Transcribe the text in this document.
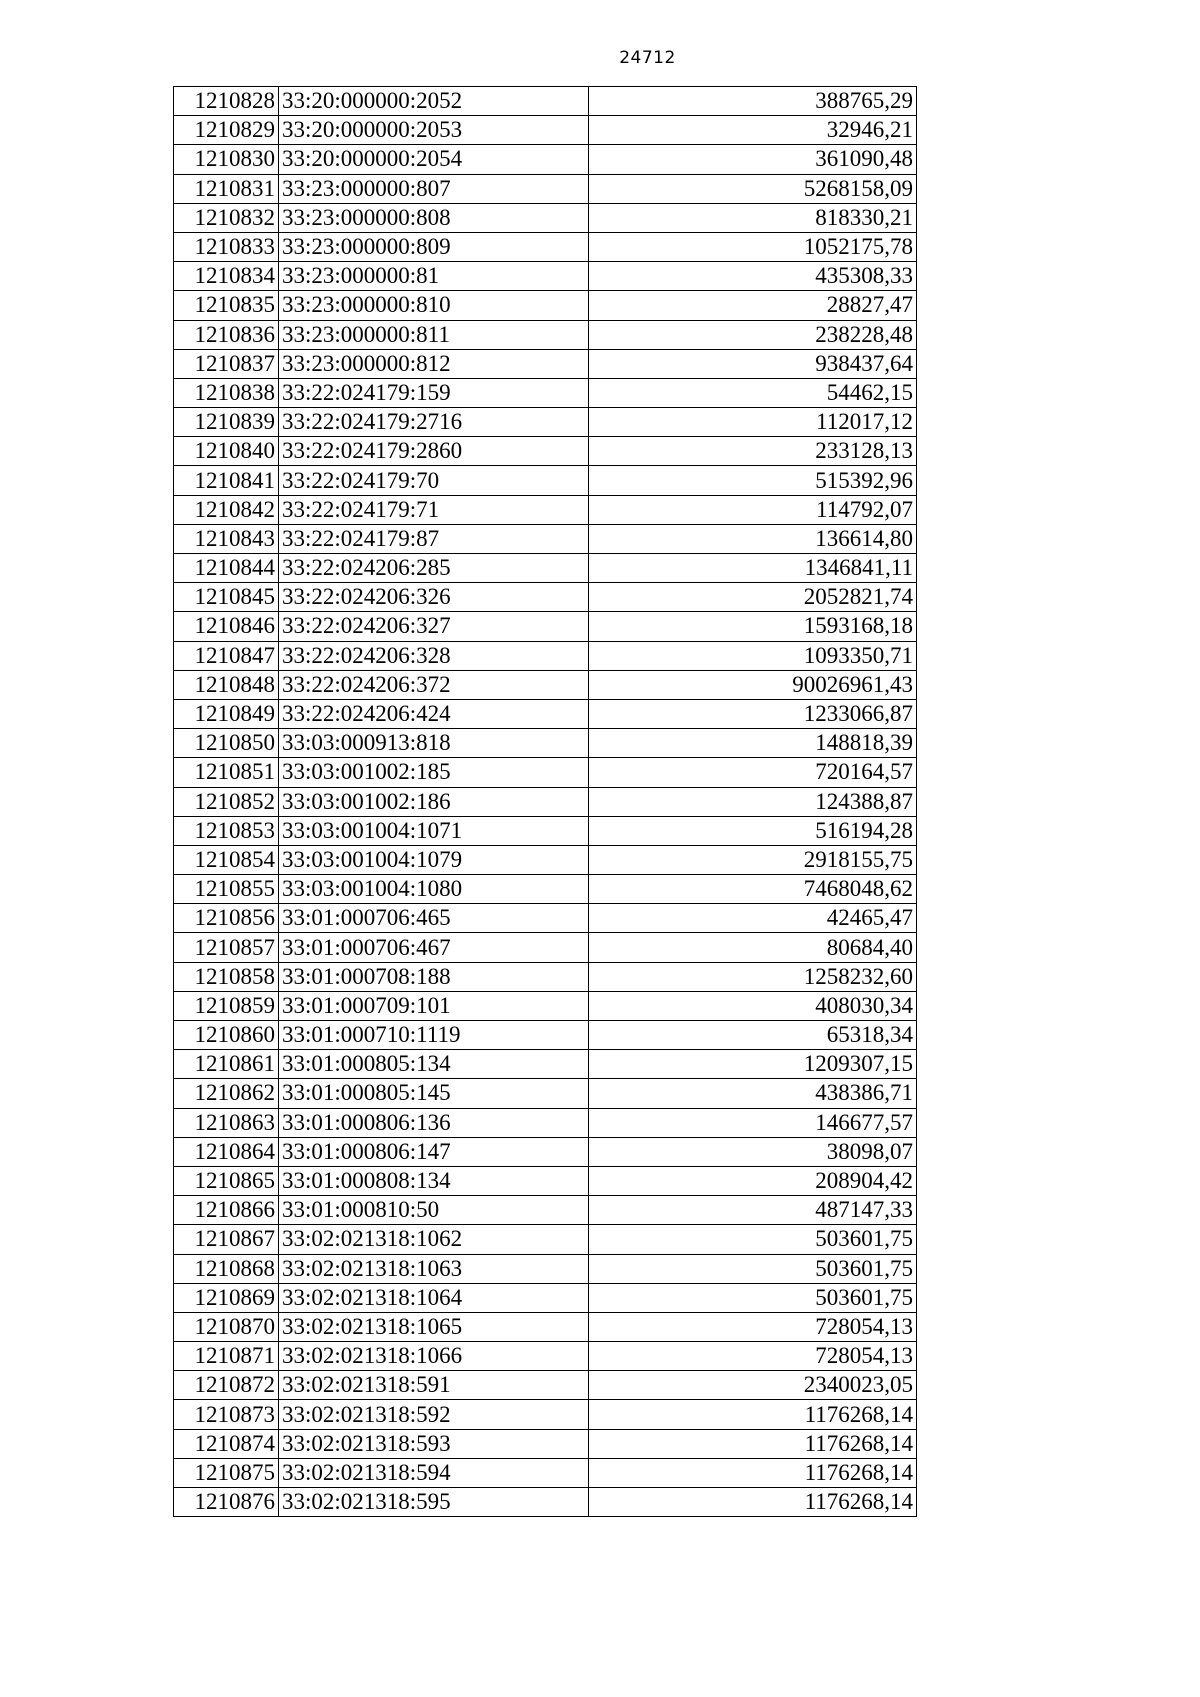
24712
1210828	33:20:000000:2052	388765,29
1210829	33:20:000000:2053	32946,21
1210830	33:20:000000:2054	361090,48
1210831	33:23:000000:807	5268158,09
1210832	33:23:000000:808	818330,21
1210833	33:23:000000:809	1052175,78
1210834	33:23:000000:81	435308,33
1210835	33:23:000000:810	28827,47
1210836	33:23:000000:811	238228,48
1210837	33:23:000000:812	938437,64
1210838	33:22:024179:159	54462,15
1210839	33:22:024179:2716	112017,12
1210840	33:22:024179:2860	233128,13
1210841	33:22:024179:70	515392,96
1210842	33:22:024179:71	114792,07
1210843	33:22:024179:87	136614,80
1210844	33:22:024206:285	1346841,11
1210845	33:22:024206:326	2052821,74
1210846	33:22:024206:327	1593168,18
1210847	33:22:024206:328	1093350,71
1210848	33:22:024206:372	90026961,43
1210849	33:22:024206:424	1233066,87
1210850	33:03:000913:818	148818,39
1210851	33:03:001002:185	720164,57
1210852	33:03:001002:186	124388,87
1210853	33:03:001004:1071	516194,28
1210854	33:03:001004:1079	2918155,75
1210855	33:03:001004:1080	7468048,62
1210856	33:01:000706:465	42465,47
1210857	33:01:000706:467	80684,40
1210858	33:01:000708:188	1258232,60
1210859	33:01:000709:101	408030,34
1210860	33:01:000710:1119	65318,34
1210861	33:01:000805:134	1209307,15
1210862	33:01:000805:145	438386,71
1210863	33:01:000806:136	146677,57
1210864	33:01:000806:147	38098,07
1210865	33:01:000808:134	208904,42
1210866	33:01:000810:50	487147,33
1210867	33:02:021318:1062	503601,75
1210868	33:02:021318:1063	503601,75
1210869	33:02:021318:1064	503601,75
1210870	33:02:021318:1065	728054,13
1210871	33:02:021318:1066	728054,13
1210872	33:02:021318:591	2340023,05
1210873	33:02:021318:592	1176268,14
1210874	33:02:021318:593	1176268,14
1210875	33:02:021318:594	1176268,14
1210876	33:02:021318:595	1176268,14
